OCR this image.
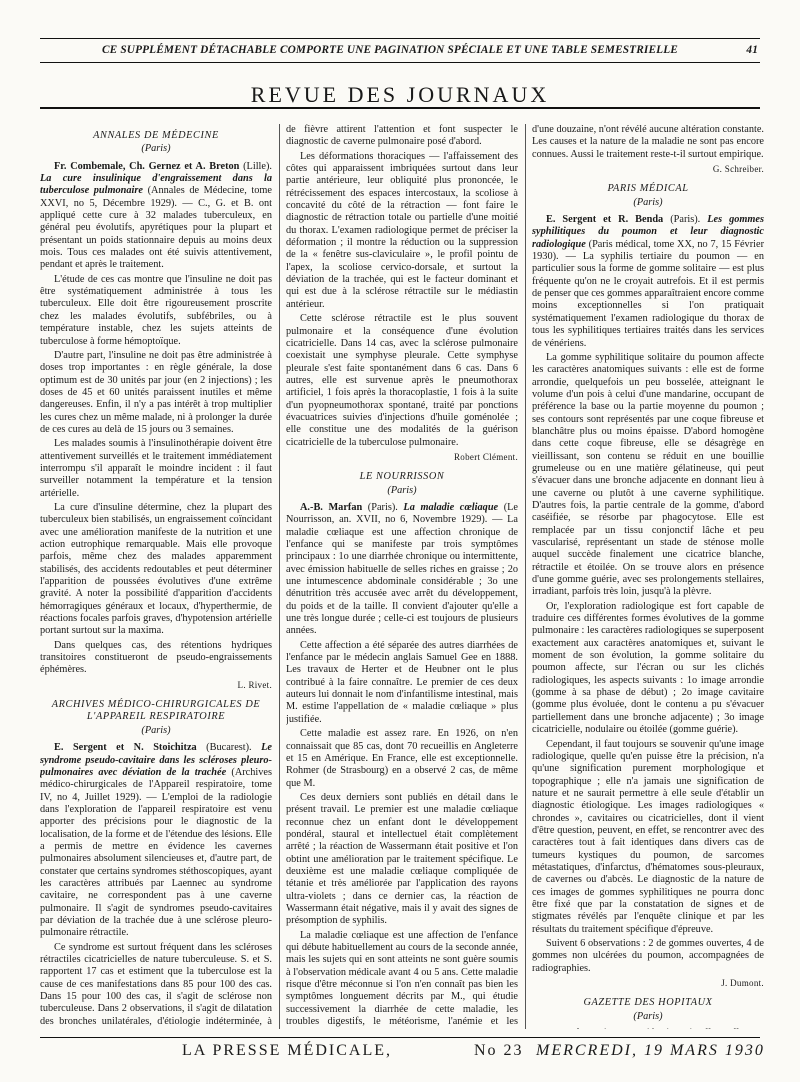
CE SUPPLÉMENT DÉTACHABLE COMPORTE UNE PAGINATION SPÉCIALE ET UNE TABLE SEMESTRIELLE	41
REVUE DES JOURNAUX
ANNALES DE MÉDECINE
(Paris)

Fr. Combemale, Ch. Gernez et A. Breton (Lille). La cure insulinique d'engraissement dans la tuberculose pulmonaire (Annales de Médecine, tome XXVI, no 5, Décembre 1929). — C., G. et B. ont appliqué cette cure à 32 malades tuberculeux, en général peu évolutifs, apyrétiques pour la plupart et présentant un poids stationnaire depuis au moins deux mois. Tous ces malades ont été suivis attentivement, pendant et après le traitement.

L'étude de ces cas montre que l'insuline ne doit pas être systématiquement administrée à tous les tuberculeux. Elle doit être rigoureusement proscrite chez les malades évolutifs, subfébriles, ou à température instable, chez les sujets atteints de tuberculose à forme hémoptoïque.

D'autre part, l'insuline ne doit pas être administrée à doses trop importantes : en règle générale, la dose optimum est de 30 unités par jour (en 2 injections) ; les doses de 45 et 60 unités paraissent inutiles et même dangereuses. Enfin, il n'y a pas intérêt à trop multiplier les cures chez un même malade, ni à prolonger la durée de ces cures au delà de 15 jours ou 3 semaines.

Les malades soumis à l'insulinothérapie doivent être attentivement surveillés et le traitement immédiatement interrompu s'il apparaît le moindre incident : il faut surveiller notamment la température et la tension artérielle.

La cure d'insuline détermine, chez la plupart des tuberculeux bien stabilisés, un engraissement coïncidant avec une amélioration manifeste de la nutrition et une action eutrophique remarquable. Mais elle provoque parfois, même chez des malades apparemment stabilisés, des accidents redoutables et peut déterminer l'apparition de poussées évolutives d'une extrême gravité. A noter la possibilité d'apparition d'accidents hémorragiques généraux et locaux, d'hyperthermie, de réactions focales parfois graves, d'hypotension artérielle portant surtout sur la maxima.

Dans quelques cas, des rétentions hydriques transitoires constitueront de pseudo-engraissements éphémères.

L. Rivet.
ARCHIVES MÉDICO-CHIRURGICALES DE L'APPAREIL RESPIRATOIRE
(Paris)

E. Sergent et N. Stoichitza (Bucarest). Le syndrome pseudo-cavitaire dans les scléroses pleuro-pulmonaires avec déviation de la trachée (Archives médico-chirurgicales de l'Appareil respiratoire, tome IV, no 4, Juillet 1929). — L'emploi de la radiologie dans l'exploration de l'appareil respiratoire est venu apporter des précisions pour le diagnostic de la localisation, de la forme et de l'étendue des lésions. Elle a permis de mettre en évidence les cavernes pulmonaires absolument silencieuses et, d'autre part, de constater que certains syndromes stéthoscopiques, ayant les caractères attribués par Laennec au syndrome cavitaire, ne correspondent pas à une caverne pulmonaire. Il s'agit de syndromes pseudo-cavitaires par déviation de la trachée due à une sclérose pleuro-pulmonaire rétractile.

Ce syndrome est surtout fréquent dans les scléroses rétractiles cicatricielles de nature tuberculeuse. S. et S. rapportent 17 cas et estiment que la tuberculose est la cause de ces manifestations dans 85 pour 100 des cas. Dans 15 pour 100 des cas, il s'agit de sclérose non tuberculeuse. Dans 2 observations, il s'agit de dilatation des bronches unilatérales, d'étiologie indéterminée, à

de fièvre attirent l'attention et font suspecter le diagnostic de caverne pulmonaire posé d'abord.

Les déformations thoraciques — l'affaissement des côtes qui apparaissent imbriquées surtout dans leur partie antérieure, leur obliquité plus prononcée, le rétrécissement des espaces intercostaux, la scoliose à concavité du côté de la rétraction — font faire le diagnostic de rétraction totale ou partielle d'une moitié du thorax. L'examen radiologique permet de préciser la déformation ; il montre la réduction ou la suppression de la « fenêtre sus-claviculaire », le profil pointu de l'apex, la scoliose cervico-dorsale, et surtout la déviation de la trachée, qui est le facteur dominant et qui est due à la sclérose rétractile sur le médiastin antérieur.

Cette sclérose rétractile est le plus souvent pulmonaire et la conséquence d'une évolution cicatricielle. Dans 14 cas, avec la sclérose pulmonaire coexistait une symphyse pleurale. Cette symphyse pleurale s'est faite spontanément dans 6 cas. Dans 6 autres, elle est survenue après le pneumothorax artificiel, 1 fois après la thoracoplastie, 1 fois à la suite d'un pyopneumothorax spontané, traité par ponctions évacuatrices suivies d'injections d'huile goménolée ; elle constitue une des modalités de la guérison cicatricielle de la tuberculose pulmonaire.

Robert Clément.
LE NOURRISSON
(Paris)

A.-B. Marfan (Paris). La maladie cœliaque (Le Nourrisson, an. XVII, no 6, Novembre 1929). — La maladie cœliaque est une affection chronique de l'enfance qui se manifeste par trois symptômes principaux : 1o une diarrhée chronique ou intermittente, avec émission habituelle de selles riches en graisse ; 2o une intumescence abdominale considérable ; 3o une dénutrition très accusée avec arrêt du développement, du poids et de la taille. Il convient d'ajouter qu'elle a une très longue durée ; celle-ci est toujours de plusieurs années.

Cette affection a été séparée des autres diarrhées de l'enfance par le médecin anglais Samuel Gee en 1888. Les travaux de Herter et de Heubner ont le plus contribué à la faire connaître. Le premier de ces deux auteurs lui donnait le nom d'infantilisme intestinal, mais M. estime l'appellation de « maladie cœliaque » plus justifiée.

Cette maladie est assez rare. En 1926, on n'en connaissait que 85 cas, dont 70 recueillis en Angleterre et 15 en Amérique. En France, elle est exceptionnelle. Rohmer (de Strasbourg) en a observé 2 cas, de même que M.

Ces deux derniers sont publiés en détail dans le présent travail. Le premier est une maladie cœliaque reconnue chez un enfant dont le développement pondéral, staural et intellectuel était complètement arrêté ; la réaction de Wassermann était positive et l'on obtint une amélioration par le traitement spécifique. Le deuxième est une maladie cœliaque compliquée de tétanie et très améliorée par l'application des rayons ultra-violets ; dans ce dernier cas, la réaction de Wassermann était négative, mais il y avait des signes de présomption de syphilis.

La maladie cœliaque est une affection de l'enfance qui débute habituellement au cours de la seconde année, mais les sujets qui en sont atteints ne sont guère soumis à l'observation médicale avant 4 ou 5 ans. Cette maladie risque d'être méconnue si l'on n'en connaît pas bien les symptômes longuement décrits par M., qui étudie successivement la diarrhée de cette maladie, les troubles digestifs, le météorisme, l'anémie et les

d'une douzaine, n'ont révélé aucune altération constante. Les causes et la nature de la maladie ne sont pas encore connues. Aussi le traitement reste-t-il surtout empirique.

G. Schreiber.
PARIS MÉDICAL
(Paris)

E. Sergent et R. Benda (Paris). Les gommes syphilitiques du poumon et leur diagnostic radiologique (Paris médical, tome XX, no 7, 15 Février 1930). — La syphilis tertiaire du poumon — en particulier sous la forme de gomme solitaire — est plus fréquente qu'on ne le croyait autrefois. Et il est permis de penser que ces gommes apparaîtraient encore comme moins exceptionnelles si l'on pratiquait systématiquement l'examen radiologique du thorax de tous les syphilitiques tertiaires traités dans les services de vénériens.

La gomme syphilitique solitaire du poumon affecte les caractères anatomiques suivants : elle est de forme arrondie, quelquefois un peu bosselée, atteignant le volume d'un pois à celui d'une mandarine, occupant de préférence la base ou la partie moyenne du poumon ; ses contours sont représentés par une coque fibreuse et blanchâtre plus ou moins épaisse. D'abord homogène dans cette coque fibreuse, elle se désagrège en vieillissant, son contenu se réduit en une bouillie grumeleuse ou en une matière gélatineuse, qui peut s'évacuer dans une bronche adjacente en donnant lieu à une caverne ou plutôt à une caverne syphilitique. D'autres fois, la partie centrale de la gomme, d'abord caséifiée, se résorbe par phagocytose. Elle est remplacée par un tissu conjonctif lâche et peu vascularisé, représentant un stade de sténose molle auquel succède finalement une cicatrice blanche, rétractile et étoilée. On se trouve alors en présence d'une gomme guérie, avec ses prolongements stellaires, irradiant, parfois très loin, jusqu'à la plèvre.

Or, l'exploration radiologique est fort capable de traduire ces différentes formes évolutives de la gomme pulmonaire : les caractères radiologiques se superposent exactement aux caractères anatomiques et, suivant le moment de son évolution, la gomme solitaire du poumon affecte, sur l'écran ou sur les clichés radiologiques, les aspects suivants : 1o image arrondie (gomme à sa phase de début) ; 2o image cavitaire (gomme plus évoluée, dont le contenu a pu s'évacuer partiellement dans une bronche adjacente) ; 3o image cicatricielle, nodulaire ou étoilée (gomme guérie).

Cependant, il faut toujours se souvenir qu'une image radiologique, quelle qu'en puisse être la précision, n'a qu'une signification purement morphologique et topographique ; elle n'a jamais une signification de nature et ne saurait permettre à elle seule d'établir un diagnostic étiologique. Les images radiologiques « chrondes », cavitaires ou cicatricielles, dont il vient d'être question, peuvent, en effet, se rencontrer avec des caractères tout à fait identiques dans divers cas de tumeurs kystiques du poumon, de sarcomes métastatiques, d'infarctus, d'hématomes sous-pleuraux, de cavernes ou d'abcès. Le diagnostic de la nature de ces images de gommes syphilitiques ne pourra donc être fixé que par la constatation de signes et de stigmates révélés par l'enquête clinique et par les résultats du traitement spécifique d'épreuve.

Suivent 6 observations : 2 de gommes ouvertes, 4 de gommes non ulcérées du poumon, accompagnées de radiographies.

J. Dumont.
GAZETTE DES HOPITAUX
(Paris)

LA PRESSE MÉDICALE,	No 23 MERCREDI, 19 MARS 1930
